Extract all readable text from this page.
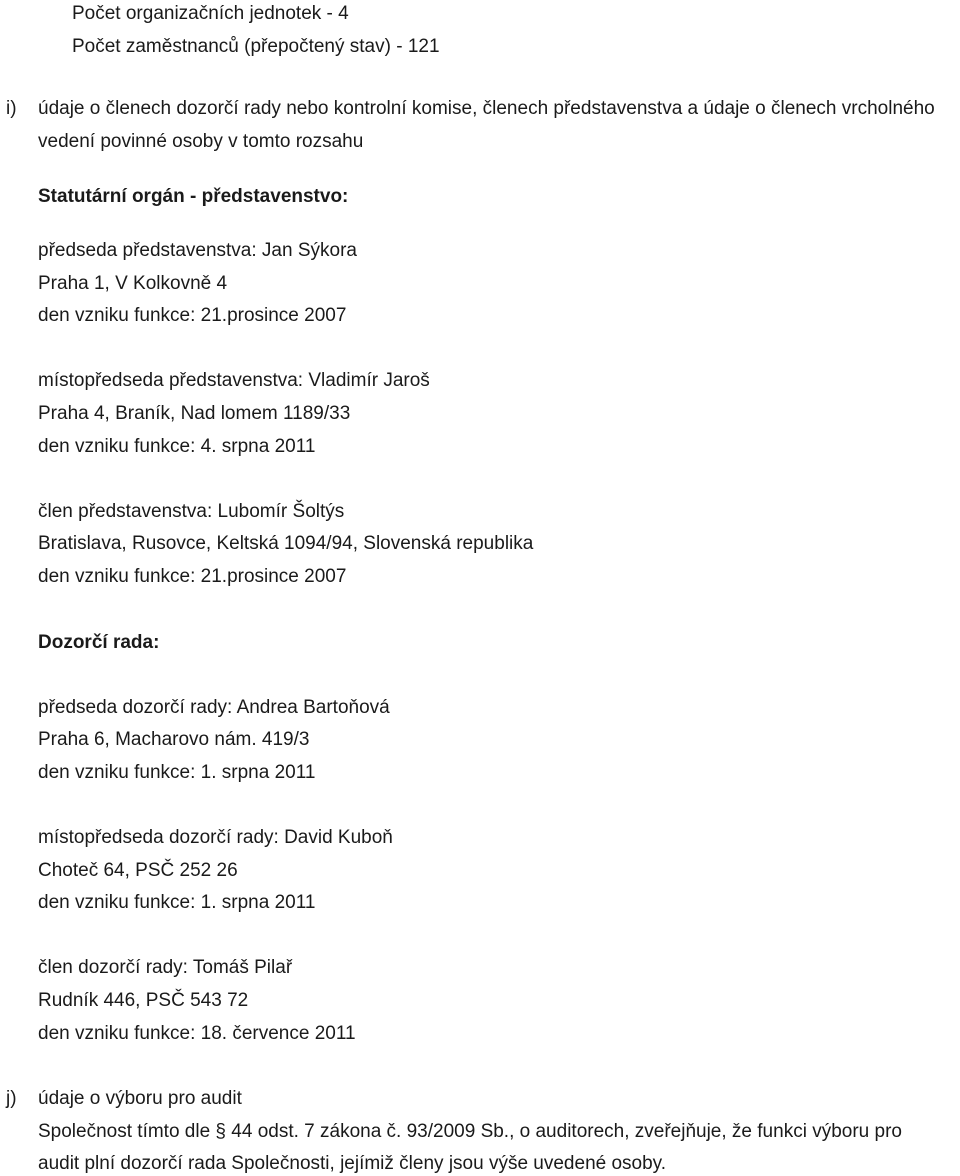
Počet organizačních jednotek - 4
Počet zaměstnanců (přepočtený stav) - 121
i) údaje o členech dozorčí rady nebo kontrolní komise, členech představenstva a údaje o členech vrcholného
vedení povinné osoby v tomto rozsahu
Statutární orgán - představenstvo:
předseda představenstva: Jan Sýkora
Praha 1, V Kolkovně 4
den vzniku funkce: 21.prosince 2007
místopředseda představenstva: Vladimír Jaroš
Praha 4, Braník, Nad lomem 1189/33
den vzniku funkce: 4. srpna 2011
člen představenstva: Lubomír Šoltýs
Bratislava, Rusovce, Keltská 1094/94, Slovenská republika
den vzniku funkce: 21.prosince 2007
Dozorčí rada:
předseda dozorčí rady: Andrea Bartoňová
Praha 6, Macharovo nám. 419/3
den vzniku funkce: 1. srpna 2011
místopředseda dozorčí rady: David Kuboň
Choteč 64, PSČ 252 26
den vzniku funkce: 1. srpna 2011
člen dozorčí rady: Tomáš Pilař
Rudník 446, PSČ 543 72
den vzniku funkce: 18. července 2011
j) údaje o výboru pro audit
Společnost tímto dle § 44 odst. 7 zákona č. 93/2009 Sb., o auditorech, zveřejňuje, že funkci výboru pro
audit plní dozorčí rada Společnosti, jejímiž členy jsou výše uvedené osoby.
